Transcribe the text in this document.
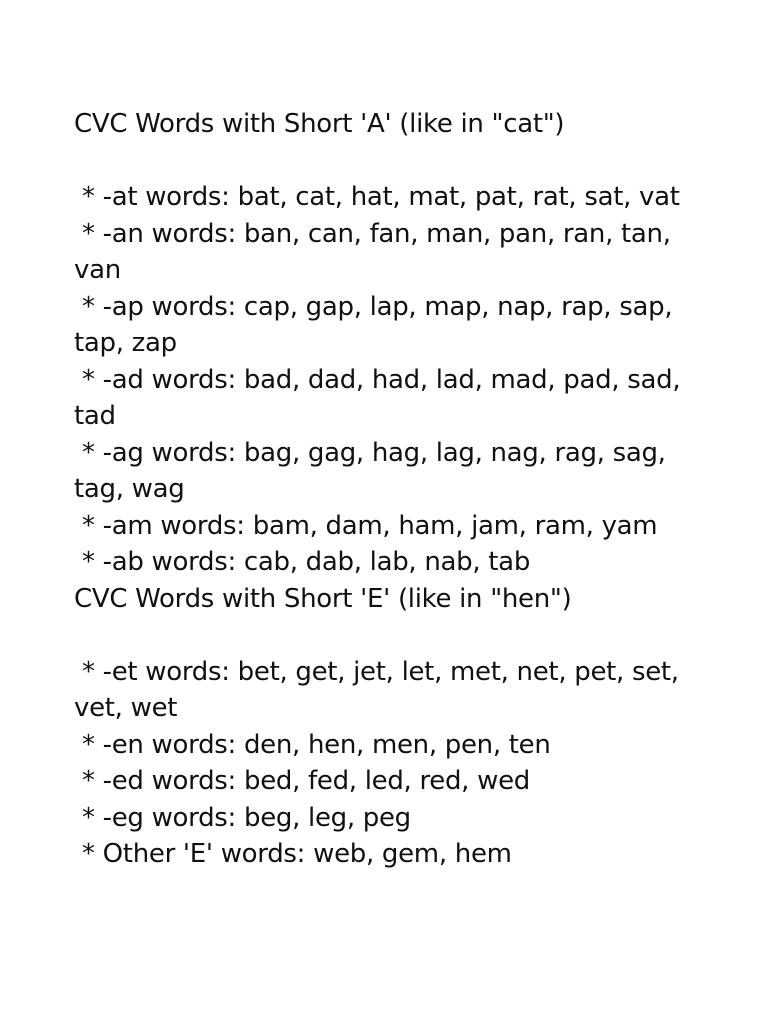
CVC Words with Short 'A' (like in "cat")
* -at words: bat, cat, hat, mat, pat, rat, sat, vat
* -an words: ban, can, fan, man, pan, ran, tan, van
* -ap words: cap, gap, lap, map, nap, rap, sap, tap, zap
* -ad words: bad, dad, had, lad, mad, pad, sad, tad
* -ag words: bag, gag, hag, lag, nag, rag, sag, tag, wag
* -am words: bam, dam, ham, jam, ram, yam
* -ab words: cab, dab, lab, nab, tab
CVC Words with Short 'E' (like in "hen")
* -et words: bet, get, jet, let, met, net, pet, set, vet, wet
* -en words: den, hen, men, pen, ten
* -ed words: bed, fed, led, red, wed
* -eg words: beg, leg, peg
* Other 'E' words: web, gem, hem
